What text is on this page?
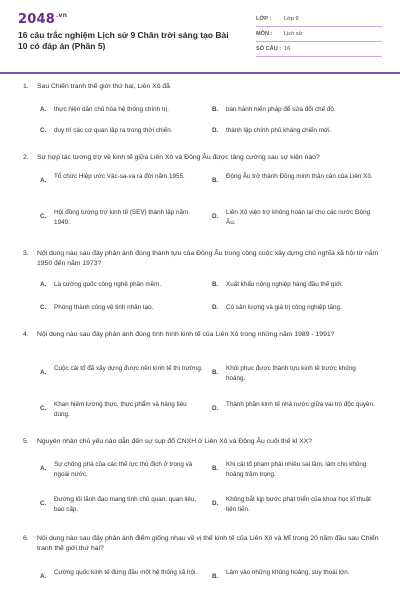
$2048^{.vn}$
16 câu trắc nghiệm Lịch sử 9 Chân trời sáng tạo Bài 10 có đáp án (Phần 5)
LỚP : Lớp 9
MÔN : Lịch sử
SỐ CÂU : 16
1. Sau Chiến tranh thế giới thứ hai, Liên Xô đã
A. thực hiện dân chủ hóa hệ thống chính trị.	B. ban hành hiến pháp để sửa đổi chế độ.
C. duy trì các cơ quan lập ra trong thời chiến.	D. thành lập chính phủ kháng chiến mới.
2. Sự hợp tác tương trợ về kinh tế giữa Liên Xô và Đông Âu được tăng cường sau sự kiện nào?
A.
Tổ chức Hiệp ước Vác-sa-va ra đời năm 1955.
B.
Đông Âu trở thành Đồng minh thân cận của Liên Xô.
C.
Hội đồng tương trợ kinh tế (SEV) thành lập năm 1949.
D.
Liên Xô viện trợ không hoàn lại cho các nước Đông Âu.
3. Nội dung nào sau đây phản ánh đúng thành tựu của Đông Âu trong công cuộc xây dựng chủ nghĩa xã hội từ năm 1950 đến năm 1973?
A. Là cường quốc công nghệ phần mềm.	B. Xuất khẩu nông nghiệp hàng đầu thế giới.
C. Phóng thành công vệ tinh nhân tạo.	D. Có sản lượng và giá trị công nghiệp tăng.
4. Nội dung nào sau đây phản ánh đúng tình hình kinh tế của Liên Xô trong những năm 1989 - 1991?
A.
Cuộc cải tổ đã xây dựng được nền kinh tế thị trường.
B.
Khôi phục được thành tựu kinh tế trước khủng hoảng.
C.
Khan hiếm lương thực, thực phẩm và hàng tiêu dùng.
D.
Thành phần kinh tế nhà nước giữa vai trò độc quyền.
5. Nguyên nhân chủ yếu nào dẫn đến sự sụp đổ CNXH ở Liên Xô và Đông Âu cuối thế kỉ XX?
A.
Sự chống phá của các thế lực thù địch ở trong và ngoài nước.
B.
Khi cải tổ phạm phải nhiều sai lầm, làm cho khủng hoảng trầm trọng.
C.
Đường lối lãnh đạo mang tính chủ quan, quan liêu, bao cấp.
D.
Không bắt kịp bước phát triển của khoa học kĩ thuật tiên tiến.
6. Nội dung nào sau đây phản ánh điểm giống nhau về vị thế kinh tế của Liên Xô và Mĩ trong 20 năm đầu sau Chiến tranh thế giới thứ hai?
A.
Cường quốc kinh tế đứng đầu một hệ thống xã hội.
B.
Lâm vào những khủng hoảng, suy thoái lớn.
